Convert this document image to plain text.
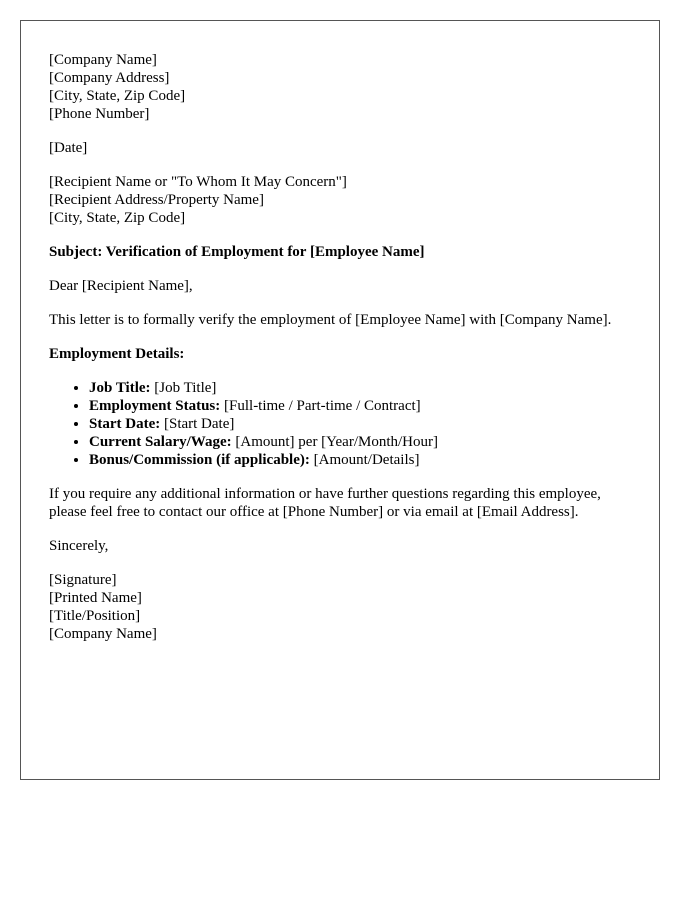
[Company Name]
[Company Address]
[City, State, Zip Code]
[Phone Number]

[Date]

[Recipient Name or "To Whom It May Concern"]
[Recipient Address/Property Name]
[City, State, Zip Code]

Subject: Verification of Employment for [Employee Name]

Dear [Recipient Name],

This letter is to formally verify the employment of [Employee Name] with [Company Name].

Employment Details:

• Job Title: [Job Title]
• Employment Status: [Full-time / Part-time / Contract]
• Start Date: [Start Date]
• Current Salary/Wage: [Amount] per [Year/Month/Hour]
• Bonus/Commission (if applicable): [Amount/Details]

If you require any additional information or have further questions regarding this employee, please feel free to contact our office at [Phone Number] or via email at [Email Address].

Sincerely,

[Signature]
[Printed Name]
[Title/Position]
[Company Name]
